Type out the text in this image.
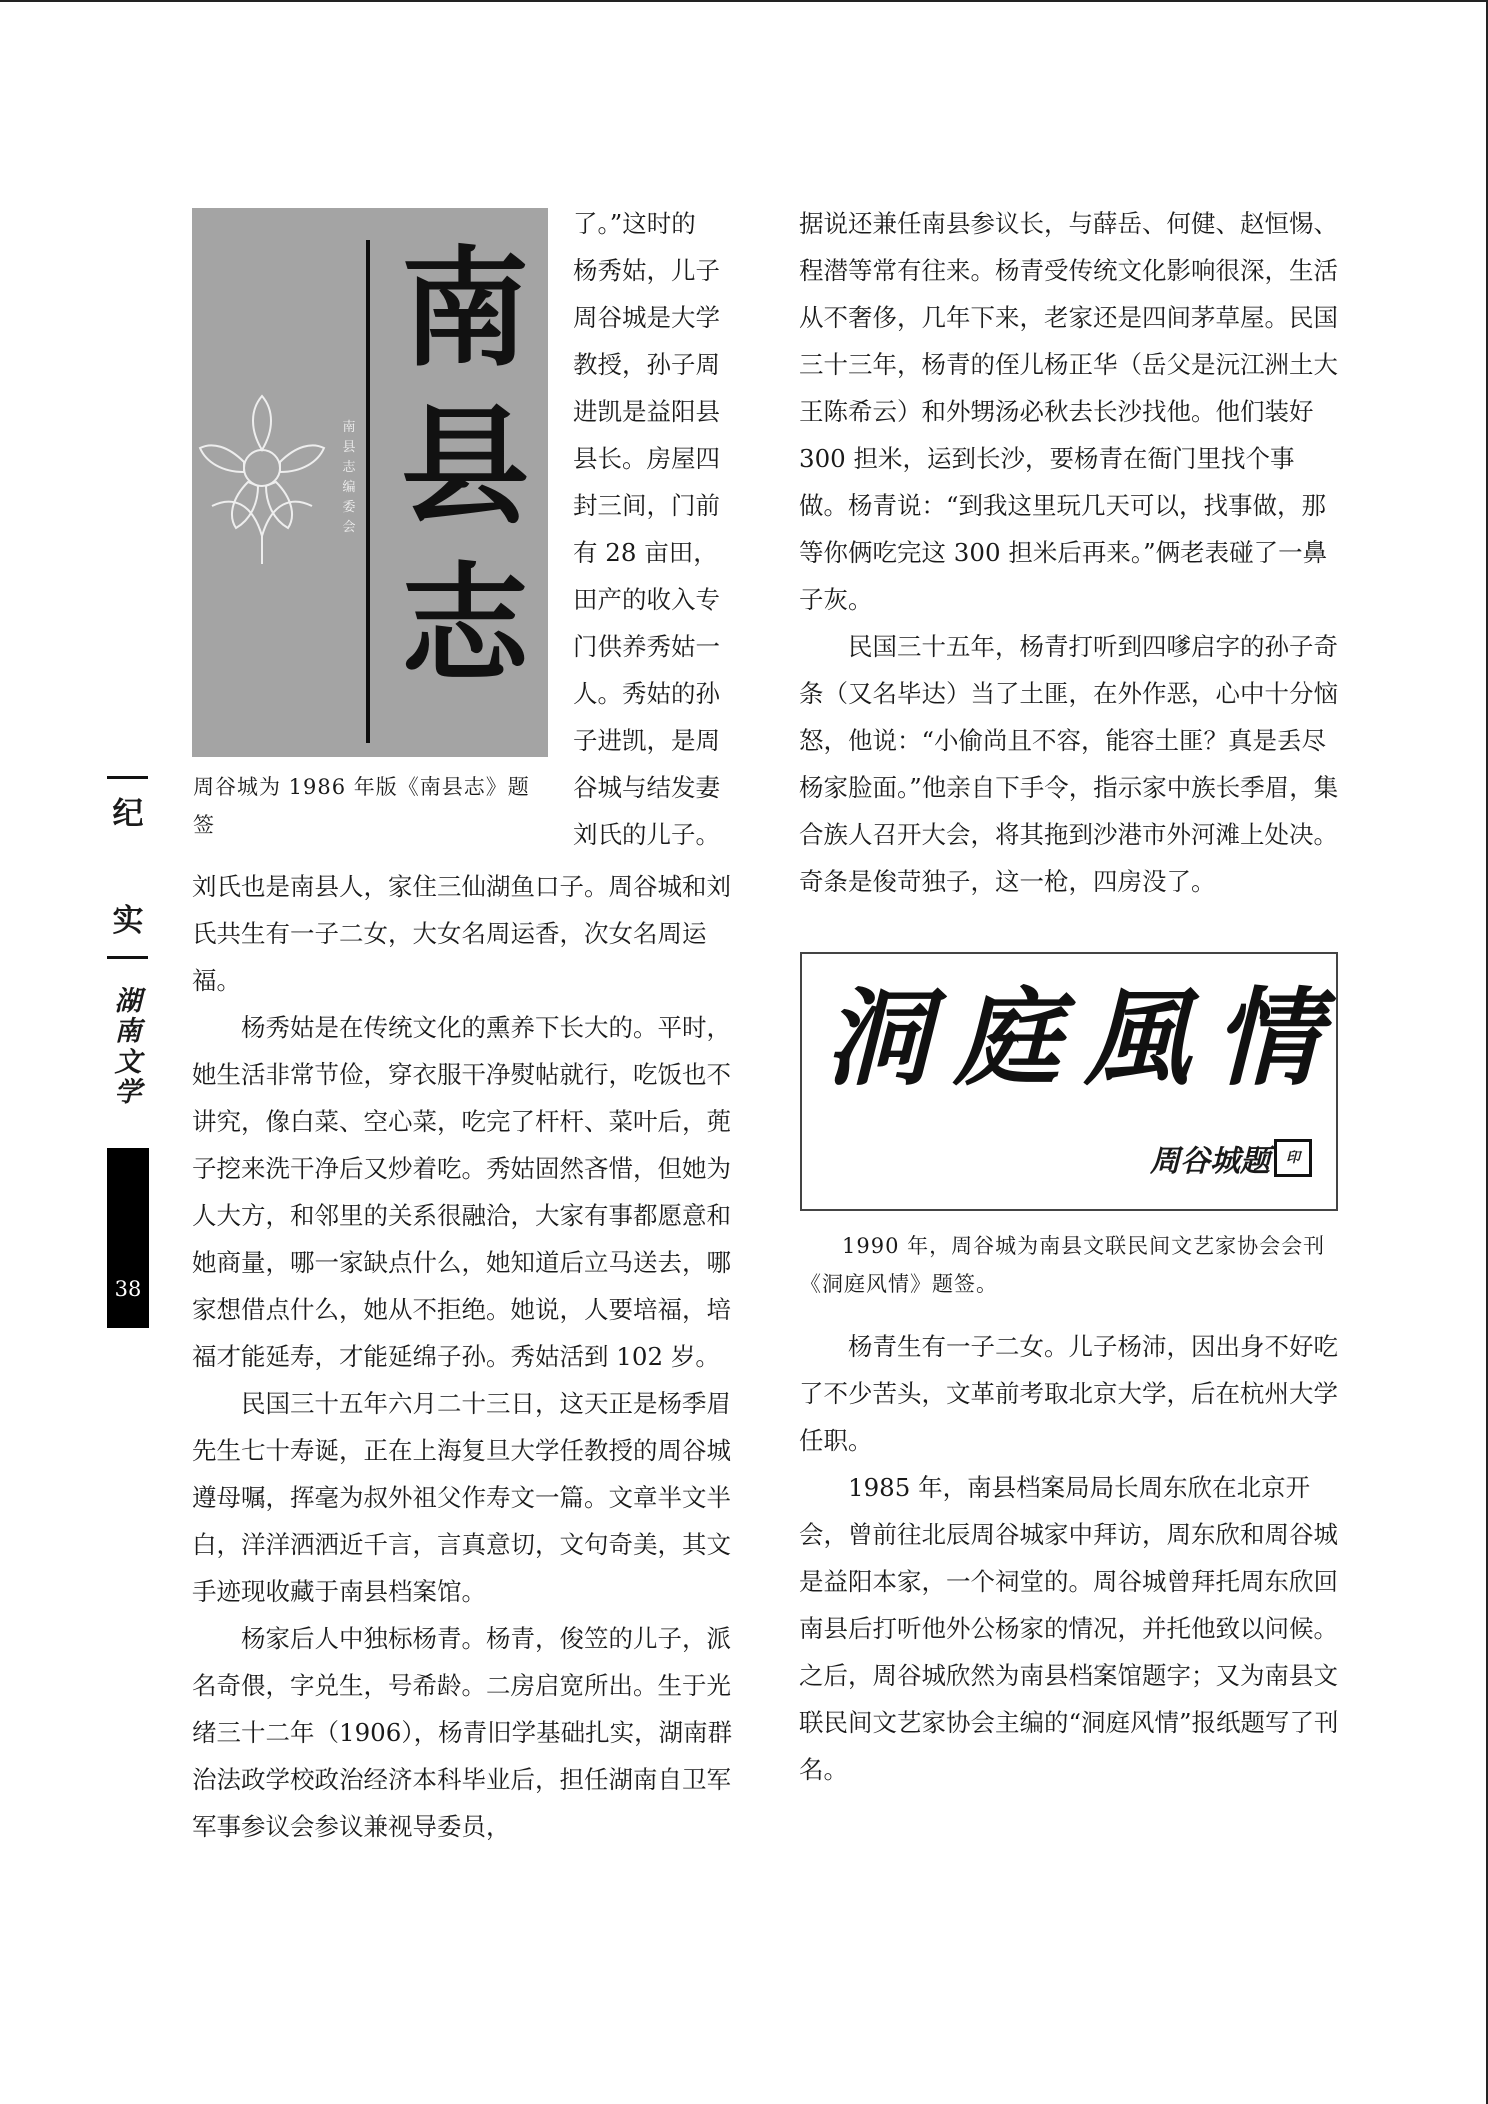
纪
实
湖
南
文
学
38
南
县
志
编
委
会
南
县
志

了。”这时的

杨秀姑，儿子

周谷城是大学

教授，孙子周

进凯是益阳县

县长。房屋四

封三间，门前

有 28 亩田，

田产的收入专

门供养秀姑一

人。秀姑的孙

子进凯，是周

谷城与结发妻

刘氏的儿子。

周谷城为 1986 年版《南县志》题签

刘氏也是南县人，家住三仙湖鱼口子。周谷城和刘氏共生有一子二女，大女名周运香，次女名周运福。

杨秀姑是在传统文化的熏养下长大的。平时，她生活非常节俭，穿衣服干净熨帖就行，吃饭也不讲究，像白菜、空心菜，吃完了杆杆、菜叶后，蔸子挖来洗干净后又炒着吃。秀姑固然吝惜，但她为人大方，和邻里的关系很融洽，大家有事都愿意和她商量，哪一家缺点什么，她知道后立马送去，哪家想借点什么，她从不拒绝。她说，人要培福，培福才能延寿，才能延绵子孙。秀姑活到 102 岁。

民国三十五年六月二十三日，这天正是杨季眉先生七十寿诞，正在上海复旦大学任教授的周谷城遵母嘱，挥毫为叔外祖父作寿文一篇。文章半文半白，洋洋洒洒近千言，言真意切，文句奇美，其文手迹现收藏于南县档案馆。

杨家后人中独标杨青。杨青，俊笠的儿子，派名奇偎，字兑生，号希龄。二房启宽所出。生于光绪三十二年（1906），杨青旧学基础扎实，湖南群治法政学校政治经济本科毕业后，担任湖南自卫军军事参议会参议兼视导委员，

据说还兼任南县参议长，与薛岳、何健、赵恒惕、程潜等常有往来。杨青受传统文化影响很深，生活从不奢侈，几年下来，老家还是四间茅草屋。民国三十三年，杨青的侄儿杨正华（岳父是沅江洲土大王陈希云）和外甥汤必秋去长沙找他。他们装好 300 担米，运到长沙，要杨青在衙门里找个事做。杨青说：“到我这里玩几天可以，找事做，那等你俩吃完这 300 担米后再来。”俩老表碰了一鼻子灰。

民国三十五年，杨青打听到四嗲启字的孙子奇条（又名毕达）当了土匪，在外作恶，心中十分恼怒，他说：“小偷尚且不容，能容土匪？真是丢尽杨家脸面。”他亲自下手令，指示家中族长季眉，集合族人召开大会，将其拖到沙港市外河滩上处决。奇条是俊苛独子，这一枪，四房没了。

洞 庭 風 情
周谷城题	印
1990 年，周谷城为南县文联民间文艺家协会会刊《洞庭风情》题签。

杨青生有一子二女。儿子杨沛，因出身不好吃了不少苦头，文革前考取北京大学，后在杭州大学任职。

1985 年，南县档案局局长周东欣在北京开会，曾前往北辰周谷城家中拜访，周东欣和周谷城是益阳本家，一个祠堂的。周谷城曾拜托周东欣回南县后打听他外公杨家的情况，并托他致以问候。之后，周谷城欣然为南县档案馆题字；又为南县文联民间文艺家协会主编的“洞庭风情”报纸题写了刊名。
